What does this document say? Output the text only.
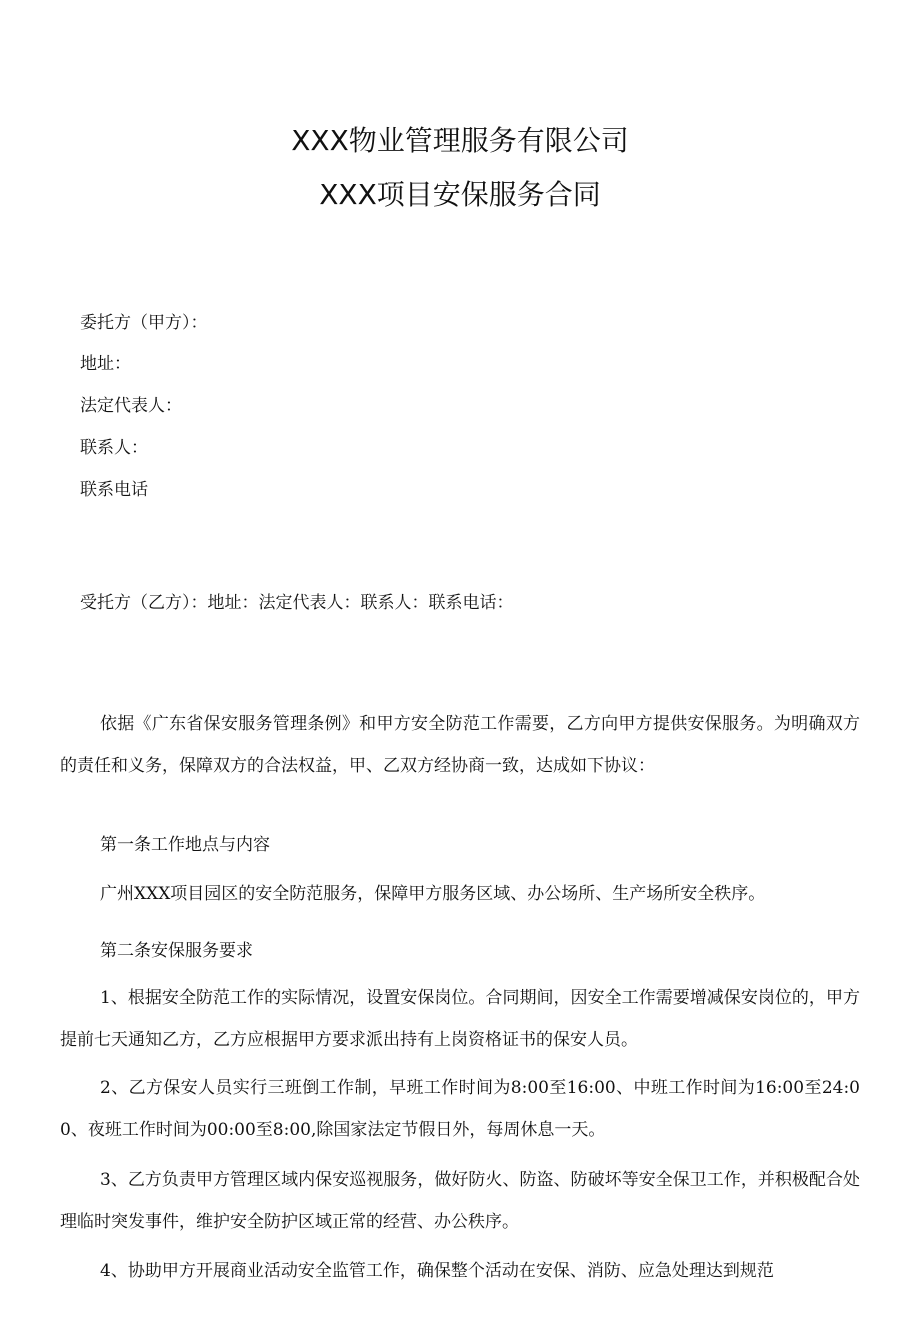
XXX物业管理服务有限公司
XXX项目安保服务合同
委托方（甲方）：
地址：
法定代表人：
联系人：
联系电话
受托方（乙方）：地址：法定代表人：联系人：联系电话：
依据《广东省保安服务管理条例》和甲方安全防范工作需要，乙方向甲方提供安保服务。为明确双方的责任和义务，保障双方的合法权益，甲、乙双方经协商一致，达成如下协议：
第一条工作地点与内容
广州XXX项目园区的安全防范服务，保障甲方服务区域、办公场所、生产场所安全秩序。
第二条安保服务要求
1、根据安全防范工作的实际情况，设置安保岗位。合同期间，因安全工作需要增减保安岗位的，甲方提前七天通知乙方，乙方应根据甲方要求派出持有上岗资格证书的保安人员。
2、乙方保安人员实行三班倒工作制，早班工作时间为8:00至16:00、中班工作时间为16:00至24:00、夜班工作时间为00:00至8:00,除国家法定节假日外，每周休息一天。
3、乙方负责甲方管理区域内保安巡视服务，做好防火、防盗、防破坏等安全保卫工作，并积极配合处理临时突发事件，维护安全防护区域正常的经营、办公秩序。
4、协助甲方开展商业活动安全监管工作，确保整个活动在安保、消防、应急处理达到规范
